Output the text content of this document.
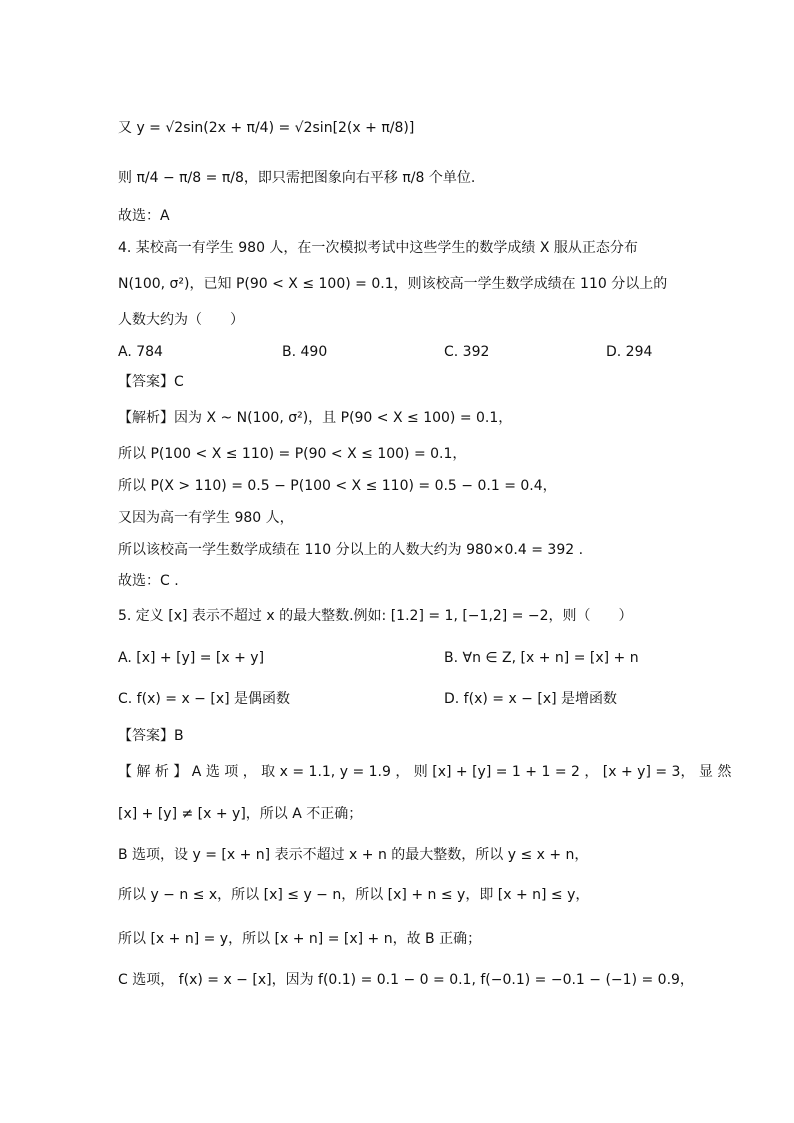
又 y = √2sin(2x + π/4) = √2sin[2(x + π/8)]
则 π/4 − π/8 = π/8，即只需把图象向右平移 π/8 个单位.
故选：A
4. 某校高一有学生 980 人，在一次模拟考试中这些学生的数学成绩 X 服从正态分布
N(100, σ²)，已知 P(90 < X ≤ 100) = 0.1，则该校高一学生数学成绩在 110 分以上的
人数大约为（　　）
A. 784	B. 490	C. 392	D. 294
【答案】C
【解析】因为 X ~ N(100, σ²)，且 P(90 < X ≤ 100) = 0.1，
所以 P(100 < X ≤ 110) = P(90 < X ≤ 100) = 0.1，
所以 P(X > 110) = 0.5 − P(100 < X ≤ 110) = 0.5 − 0.1 = 0.4，
又因为高一有学生 980 人，
所以该校高一学生数学成绩在 110 分以上的人数大约为 980×0.4 = 392 .
故选：C .
5. 定义 [x] 表示不超过 x 的最大整数.例如: [1.2] = 1, [−1,2] = −2，则（　　）
A. [x] + [y] = [x + y]	B. ∀n ∈ Z, [x + n] = [x] + n
C. f(x) = x − [x] 是偶函数	D. f(x) = x − [x] 是增函数
【答案】B
【 解 析 】 A 选 项 ， 取 x = 1.1, y = 1.9 ， 则 [x] + [y] = 1 + 1 = 2 ， [x + y] = 3， 显 然
[x] + [y] ≠ [x + y]，所以 A 不正确；
B 选项，设 y = [x + n] 表示不超过 x + n 的最大整数，所以 y ≤ x + n，
所以 y − n ≤ x，所以 [x] ≤ y − n，所以 [x] + n ≤ y，即 [x + n] ≤ y，
所以 [x + n] = y，所以 [x + n] = [x] + n，故 B 正确；
C 选项， f(x) = x − [x]，因为 f(0.1) = 0.1 − 0 = 0.1, f(−0.1) = −0.1 − (−1) = 0.9，
